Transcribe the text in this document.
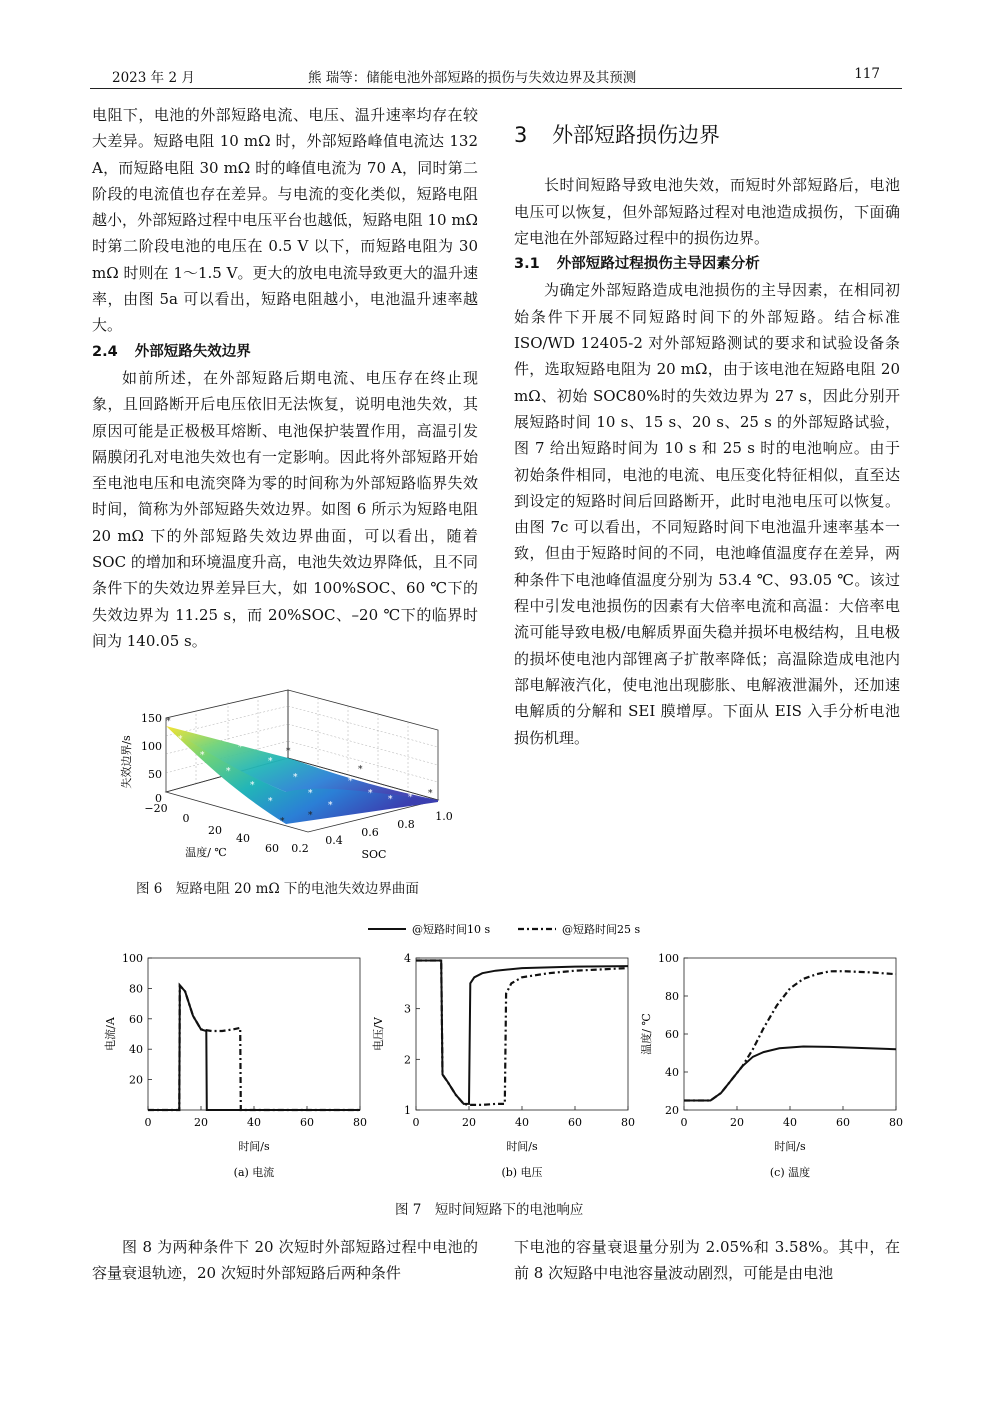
2023 年 2 月	熊 瑞等：储能电池外部短路的损伤与失效边界及其预测	117

电阻下，电池的外部短路电流、电压、温升速率均存在较大差异。短路电阻 10 mΩ 时，外部短路峰值电流达 132 A，而短路电阻 30 mΩ 时的峰值电流为 70 A，同时第二阶段的电流值也存在差异。与电流的变化类似，短路电阻越小，外部短路过程中电压平台也越低，短路电阻 10 mΩ 时第二阶段电池的电压在 0.5 V 以下，而短路电阻为 30 mΩ 时则在 1～1.5 V。更大的放电电流导致更大的温升速率，由图 5a 可以看出，短路电阻越小，电池温升速率越大。

2.4 外部短路失效边界

如前所述，在外部短路后期电流、电压存在终止现象，且回路断开后电压依旧无法恢复，说明电池失效，其原因可能是正极极耳熔断、电池保护装置作用，高温引发隔膜闭孔对电池失效也有一定影响。因此将外部短路开始至电池电压和电流突降为零的时间称为外部短路临界失效时间，简称为外部短路失效边界。如图 6 所示为短路电阻 20 mΩ 下的外部短路失效边界曲面，可以看出，随着 SOC 的增加和环境温度升高，电池失效边界降低，且不同条件下的失效边界差异巨大，如 100%SOC、60 ℃下的失效边界为 11.25 s，而 20%SOC、–20 ℃下的临界时间为 140.05 s。

3 外部短路损伤边界

长时间短路导致电池失效，而短时外部短路后，电池电压可以恢复，但外部短路过程对电池造成损伤，下面确定电池在外部短路过程中的损伤边界。

3.1 外部短路过程损伤主导因素分析

为确定外部短路造成电池损伤的主导因素，在相同初始条件下开展不同短路时间下的外部短路。结合标准 ISO/WD 12405-2 对外部短路测试的要求和试验设备条件，选取短路电阻为 20 mΩ，由于该电池在短路电阻 20 mΩ、初始 SOC80%时的失效边界为 27 s，因此分别开展短路时间 10 s、15 s、20 s、25 s 的外部短路试验，图 7 给出短路时间为 10 s 和 25 s 时的电池响应。由于初始条件相同，电池的电流、电压变化特征相似，直至达到设定的短路时间后回路断开，此时电池电压可以恢复。由图 7c 可以看出，不同短路时间下电池温升速率基本一致，但由于短路时间的不同，电池峰值温度存在差异，两种条件下电池峰值温度分别为 53.4 ℃、93.05 ℃。该过程中引发电池损伤的因素有大倍率电流和高温：大倍率电流可能导致电极/电解质界面失稳并损坏电极结构，且电极的损坏使电池内部锂离子扩散率降低；高温除造成电池内部电解液汽化，使电池出现膨胀、电解液泄漏外，还加速电解质的分解和 SEI 膜增厚。下面从 EIS 入手分析电池损伤机理。

*
*
*
*
*
*
*
*
*
*
*
*
*
* *
*
*
*
*
*
*
150
100
50
0
失效边界/s
−20
0
20
40
60
温度/ ℃	0.2
0.4
0.6
0.8
1.0
SOC
图 6　短路电阻 20 mΩ 下的电池失效边界曲面
@短路时间10 s	@短路时间25 s
0	20	40	60	80
20
40
60
80
100
时间/s
电流/A
(a) 电流
0	20	40	60	80
1
2
3
4
时间/s
电压/V
(b) 电压
0	20	40	60	80
20
40
60
80
100
时间/s
温度/ ℃
(c) 温度
图 7　短时间短路下的电池响应

图 8 为两种条件下 20 次短时外部短路过程中电池的容量衰退轨迹，20 次短时外部短路后两种条件

下电池的容量衰退量分别为 2.05%和 3.58%。其中，在前 8 次短路中电池容量波动剧烈，可能是由电池
